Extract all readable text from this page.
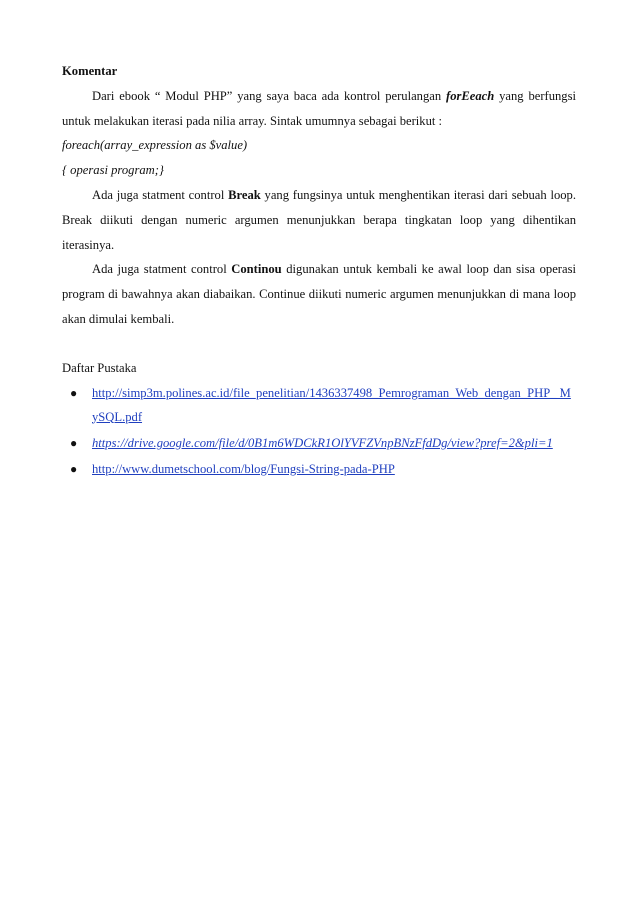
Komentar

Dari ebook “ Modul PHP” yang saya baca ada kontrol perulangan forEeach yang berfungsi untuk melakukan iterasi pada nilia array. Sintak umumnya sebagai berikut :

foreach(array_expression as $value)

{ operasi program;}

Ada juga statment control Break yang fungsinya untuk menghentikan iterasi dari sebuah loop. Break diikuti dengan numeric argumen menunjukkan berapa tingkatan loop yang dihentikan iterasinya.

Ada juga statment control Continou digunakan untuk kembali ke awal loop dan sisa operasi program di bawahnya akan diabaikan. Continue diikuti numeric argumen menunjukkan di mana loop akan dimulai kembali.

Daftar Pustaka

● http://simp3m.polines.ac.id/file_penelitian/1436337498_Pemrograman_Web_dengan_PHP_ MySQL.pdf
● https://drive.google.com/file/d/0B1m6WDCkR1OlYVFZVnpBNzFfdDg/view?pref=2&pli=1
● http://www.dumetschool.com/blog/Fungsi-String-pada-PHP
